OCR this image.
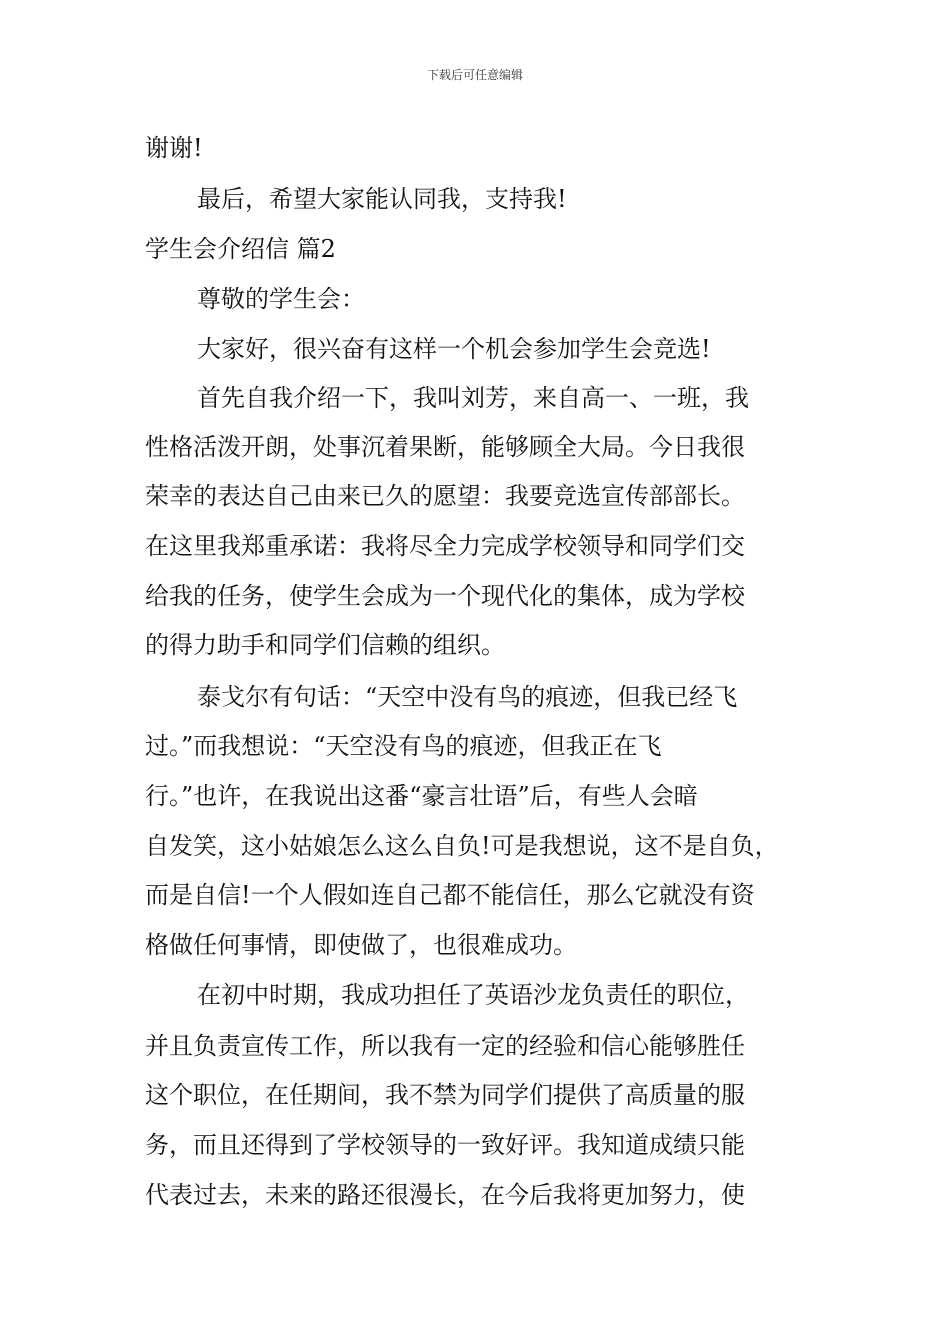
下载后可任意编辑
谢谢!
最后，希望大家能认同我，支持我!
学生会介绍信 篇2
尊敬的学生会：
大家好，很兴奋有这样一个机会参加学生会竞选!
首先自我介绍一下，我叫刘芳，来自高一、一班，我
性格活泼开朗，处事沉着果断，能够顾全大局。今日我很
荣幸的表达自己由来已久的愿望：我要竞选宣传部部长。
在这里我郑重承诺：我将尽全力完成学校领导和同学们交
给我的任务，使学生会成为一个现代化的集体，成为学校
的得力助手和同学们信赖的组织。
泰戈尔有句话：“天空中没有鸟的痕迹，但我已经飞
过。”而我想说：“天空没有鸟的痕迹，但我正在飞
行。”也许，在我说出这番“豪言壮语”后，有些人会暗
自发笑，这小姑娘怎么这么自负!可是我想说，这不是自负，
而是自信!一个人假如连自己都不能信任，那么它就没有资
格做任何事情，即使做了，也很难成功。
在初中时期，我成功担任了英语沙龙负责任的职位，
并且负责宣传工作，所以我有一定的经验和信心能够胜任
这个职位，在任期间，我不禁为同学们提供了高质量的服
务，而且还得到了学校领导的一致好评。我知道成绩只能
代表过去，未来的路还很漫长，在今后我将更加努力，使
